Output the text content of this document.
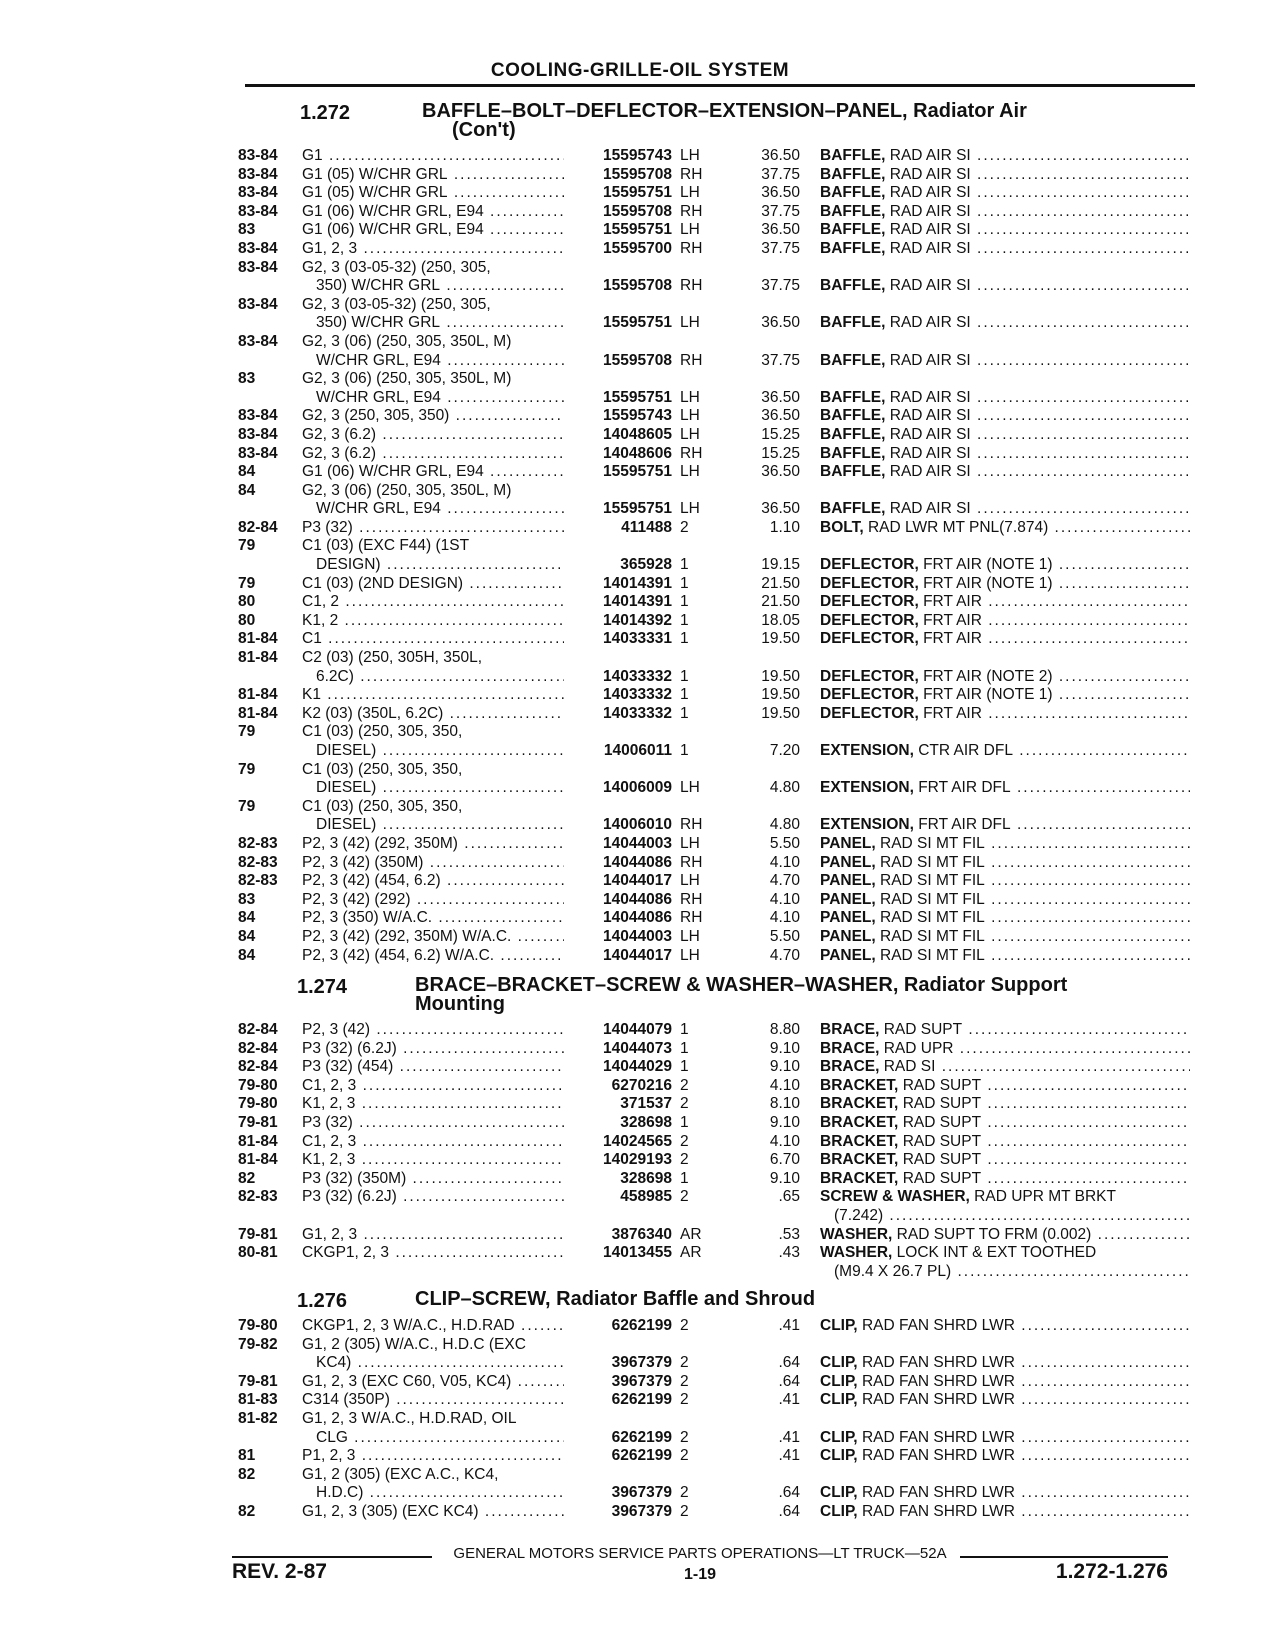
COOLING-GRILLE-OIL SYSTEM
1.272	BAFFLE–BOLT–DEFLECTOR–EXTENSION–PANEL, Radiator Air
(Con't)
83-84	G1 .....	15595743 LH	36.50 BAFFLE, RAD AIR SI .....
83-84	G1 (05) W/CHR GRL .....	15595708 RH	37.75 BAFFLE, RAD AIR SI .....
83-84	G1 (05) W/CHR GRL .....	15595751 LH	36.50 BAFFLE, RAD AIR SI .....
83-84	G1 (06) W/CHR GRL, E94 .....	15595708 RH	37.75 BAFFLE, RAD AIR SI .....
83	G1 (06) W/CHR GRL, E94 .....	15595751 LH	36.50 BAFFLE, RAD AIR SI .....
83-84	G1, 2, 3 .....	15595700 RH	37.75 BAFFLE, RAD AIR SI .....
83-84	G2, 3 (03-05-32) (250, 305,
350) W/CHR GRL .....	15595708 RH	37.75 BAFFLE, RAD AIR SI .....
83-84	G2, 3 (03-05-32) (250, 305,
350) W/CHR GRL .....	15595751 LH	36.50 BAFFLE, RAD AIR SI .....
83-84	G2, 3 (06) (250, 305, 350L, M)
W/CHR GRL, E94 .....	15595708 RH	37.75 BAFFLE, RAD AIR SI .....
83	G2, 3 (06) (250, 305, 350L, M)
W/CHR GRL, E94 .....	15595751 LH	36.50 BAFFLE, RAD AIR SI .....
83-84	G2, 3 (250, 305, 350) .....	15595743 LH	36.50 BAFFLE, RAD AIR SI .....
83-84	G2, 3 (6.2) .....	14048605 LH	15.25 BAFFLE, RAD AIR SI .....
83-84	G2, 3 (6.2) .....	14048606 RH	15.25 BAFFLE, RAD AIR SI .....
84	G1 (06) W/CHR GRL, E94 .....	15595751 LH	36.50 BAFFLE, RAD AIR SI .....
84	G2, 3 (06) (250, 305, 350L, M)
W/CHR GRL, E94 .....	15595751 LH	36.50 BAFFLE, RAD AIR SI .....
82-84	P3 (32) .....	411488 2	1.10 BOLT, RAD LWR MT PNL(7.874) .....
79	C1 (03) (EXC F44) (1ST
DESIGN) .....	365928 1	19.15 DEFLECTOR, FRT AIR (NOTE 1) .....
79	C1 (03) (2ND DESIGN) .....	14014391 1	21.50 DEFLECTOR, FRT AIR (NOTE 1) .....
80	C1, 2 .....	14014391 1	21.50 DEFLECTOR, FRT AIR .....
80	K1, 2 .....	14014392 1	18.05 DEFLECTOR, FRT AIR .....
81-84	C1 .....	14033331 1	19.50 DEFLECTOR, FRT AIR .....
81-84	C2 (03) (250, 305H, 350L,
6.2C) .....	14033332 1	19.50 DEFLECTOR, FRT AIR (NOTE 2) .....
81-84	K1 .....	14033332 1	19.50 DEFLECTOR, FRT AIR (NOTE 1) .....
81-84	K2 (03) (350L, 6.2C) .....	14033332 1	19.50 DEFLECTOR, FRT AIR .....
79	C1 (03) (250, 305, 350,
DIESEL) .....	14006011 1	7.20 EXTENSION, CTR AIR DFL .....
79	C1 (03) (250, 305, 350,
DIESEL) .....	14006009 LH	4.80 EXTENSION, FRT AIR DFL .....
79	C1 (03) (250, 305, 350,
DIESEL) .....	14006010 RH	4.80 EXTENSION, FRT AIR DFL .....
82-83	P2, 3 (42) (292, 350M) .....	14044003 LH	5.50 PANEL, RAD SI MT FIL .....
82-83	P2, 3 (42) (350M) .....	14044086 RH	4.10 PANEL, RAD SI MT FIL .....
82-83	P2, 3 (42) (454, 6.2) .....	14044017 LH	4.70 PANEL, RAD SI MT FIL .....
83	P2, 3 (42) (292) .....	14044086 RH	4.10 PANEL, RAD SI MT FIL .....
84	P2, 3 (350) W/A.C. .....	14044086 RH	4.10 PANEL, RAD SI MT FIL .....
84	P2, 3 (42) (292, 350M) W/A.C. .....	14044003 LH	5.50 PANEL, RAD SI MT FIL .....
84	P2, 3 (42) (454, 6.2) W/A.C. .....	14044017 LH	4.70 PANEL, RAD SI MT FIL .....
1.274	BRACE–BRACKET–SCREW & WASHER–WASHER, Radiator Support
Mounting
82-84	P2, 3 (42) .....	14044079 1	8.80 BRACE, RAD SUPT .....
82-84	P3 (32) (6.2J) .....	14044073 1	9.10 BRACE, RAD UPR .....
82-84	P3 (32) (454) .....	14044029 1	9.10 BRACE, RAD SI .....
79-80	C1, 2, 3 .....	6270216 2	4.10 BRACKET, RAD SUPT .....
79-80	K1, 2, 3 .....	371537 2	8.10 BRACKET, RAD SUPT .....
79-81	P3 (32) .....	328698 1	9.10 BRACKET, RAD SUPT .....
81-84	C1, 2, 3 .....	14024565 2	4.10 BRACKET, RAD SUPT .....
81-84	K1, 2, 3 .....	14029193 2	6.70 BRACKET, RAD SUPT .....
82	P3 (32) (350M) .....	328698 1	9.10 BRACKET, RAD SUPT .....
82-83	P3 (32) (6.2J) .....	458985 2	.65 SCREW & WASHER, RAD UPR MT BRKT
(7.242) .....
79-81	G1, 2, 3 .....	3876340 AR	.53 WASHER, RAD SUPT TO FRM (0.002) .....
80-81	CKGP1, 2, 3 .....	14013455 AR	.43 WASHER, LOCK INT & EXT TOOTHED
(M9.4 X 26.7 PL) .....
1.276	CLIP–SCREW, Radiator Baffle and Shroud
79-80	CKGP1, 2, 3 W/A.C., H.D.RAD .....	6262199 2	.41 CLIP, RAD FAN SHRD LWR .....
79-82	G1, 2 (305) W/A.C., H.D.C (EXC
KC4) .....	3967379 2	.64 CLIP, RAD FAN SHRD LWR .....
79-81	G1, 2, 3 (EXC C60, V05, KC4) .....	3967379 2	.64 CLIP, RAD FAN SHRD LWR .....
81-83	C314 (350P) .....	6262199 2	.41 CLIP, RAD FAN SHRD LWR .....
81-82	G1, 2, 3 W/A.C., H.D.RAD, OIL
CLG .....	6262199 2	.41 CLIP, RAD FAN SHRD LWR .....
81	P1, 2, 3 .....	6262199 2	.41 CLIP, RAD FAN SHRD LWR .....
82	G1, 2 (305) (EXC A.C., KC4,
H.D.C) .....	3967379 2	.64 CLIP, RAD FAN SHRD LWR .....
82	G1, 2, 3 (305) (EXC KC4) .....	3967379 2	.64 CLIP, RAD FAN SHRD LWR .....
GENERAL MOTORS SERVICE PARTS OPERATIONS—LT TRUCK—52A
REV. 2-87	1-19	1.272-1.276
